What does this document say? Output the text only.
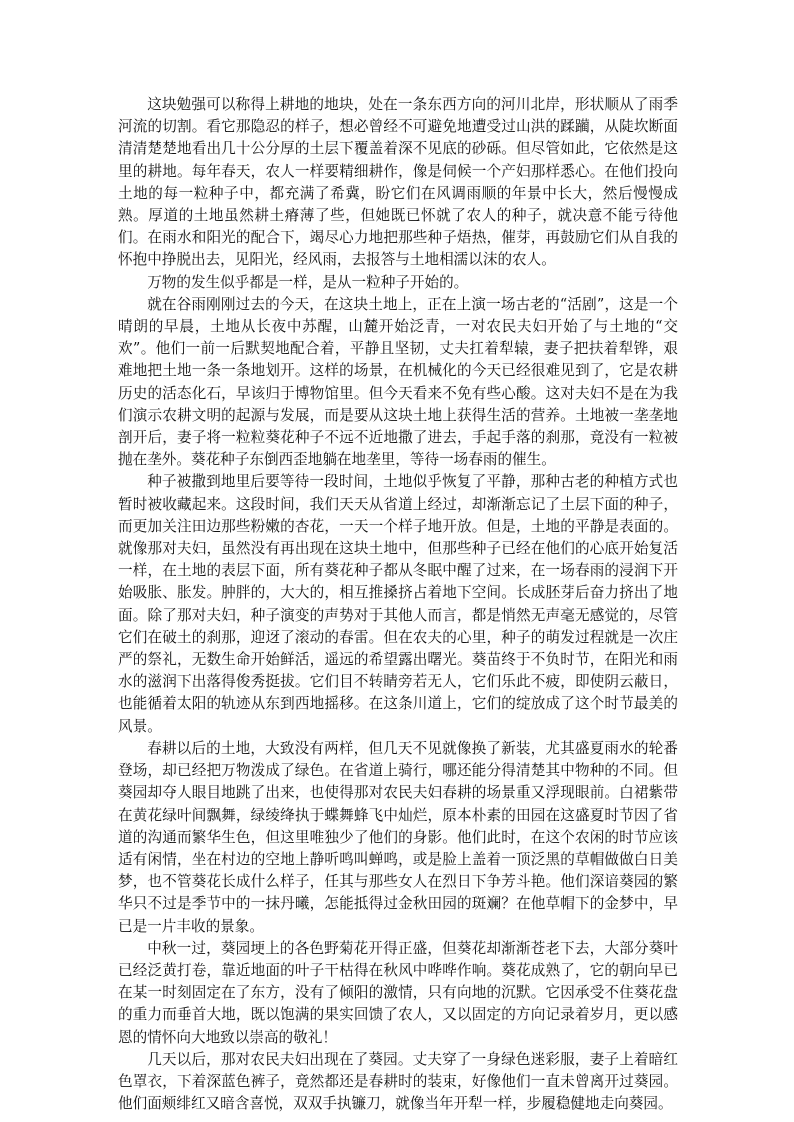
这块勉强可以称得上耕地的地块，处在一条东西方向的河川北岸，形状顺从了雨季河流的切割。看它那隐忍的样子，想必曾经不可避免地遭受过山洪的蹂躏，从陡坎断面清清楚楚地看出几十公分厚的土层下覆盖着深不见底的砂砾。但尽管如此，它依然是这里的耕地。每年春天，农人一样要精细耕作，像是伺候一个产妇那样悉心。在他们投向土地的每一粒种子中，都充满了希冀，盼它们在风调雨顺的年景中长大，然后慢慢成熟。厚道的土地虽然耕土瘠薄了些，但她既已怀就了农人的种子，就决意不能亏待他们。在雨水和阳光的配合下，竭尽心力地把那些种子焐热，催芽，再鼓励它们从自我的怀抱中挣脱出去，见阳光，经风雨，去报答与土地相濡以沫的农人。

万物的发生似乎都是一样，是从一粒种子开始的。

就在谷雨刚刚过去的今天，在这块土地上，正在上演一场古老的“活剧”，这是一个晴朗的早晨，土地从长夜中苏醒，山麓开始泛青，一对农民夫妇开始了与土地的“交欢”。他们一前一后默契地配合着，平静且坚韧，丈夫扛着犁辕，妻子把扶着犁铧，艰难地把土地一条一条地划开。这样的场景，在机械化的今天已经很难见到了，它是农耕历史的活态化石，早该归于博物馆里。但今天看来不免有些心酸。这对夫妇不是在为我们演示农耕文明的起源与发展，而是要从这块土地上获得生活的营养。土地被一垄垄地剖开后，妻子将一粒粒葵花种子不远不近地撒了进去，手起手落的刹那，竟没有一粒被抛在垄外。葵花种子东倒西歪地躺在地垄里，等待一场春雨的催生。

种子被撒到地里后要等待一段时间，土地似乎恢复了平静，那种古老的种植方式也暂时被收藏起来。这段时间，我们天天从省道上经过，却渐渐忘记了土层下面的种子，而更加关注田边那些粉嫩的杏花，一天一个样子地开放。但是，土地的平静是表面的。就像那对夫妇，虽然没有再出现在这块土地中，但那些种子已经在他们的心底开始复活一样，在土地的表层下面，所有葵花种子都从冬眠中醒了过来，在一场春雨的浸润下开始吸胀、胀发。肿胖的，大大的，相互推搡挤占着地下空间。长成胚芽后奋力挤出了地面。除了那对夫妇，种子演变的声势对于其他人而言，都是悄然无声毫无感觉的，尽管它们在破土的刹那，迎迓了滚动的春雷。但在农夫的心里，种子的萌发过程就是一次庄严的祭礼，无数生命开始鲜活，遥远的希望露出曙光。葵苗终于不负时节，在阳光和雨水的滋润下出落得俊秀挺拔。它们目不转睛旁若无人，它们乐此不疲，即使阴云蔽日，也能循着太阳的轨迹从东到西地摇移。在这条川道上，它们的绽放成了这个时节最美的风景。

春耕以后的土地，大致没有两样，但几天不见就像换了新装，尤其盛夏雨水的轮番登场，却已经把万物泼成了绿色。在省道上骑行，哪还能分得清楚其中物种的不同。但葵园却夺人眼目地跳了出来，也使得那对农民夫妇春耕的场景重又浮现眼前。白裙紫带在黄花绿叶间飘舞，绿绫绛执于蝶舞蜂飞中灿烂，原本朴素的田园在这盛夏时节因了省道的沟通而繁华生色，但这里唯独少了他们的身影。他们此时，在这个农闲的时节应该适有闲情，坐在村边的空地上静听鸣叫蝉鸣，或是脸上盖着一顶泛黑的草帽做做白日美梦，也不管葵花长成什么样子，任其与那些女人在烈日下争芳斗艳。他们深谙葵园的繁华只不过是季节中的一抹丹曦，怎能抵得过金秋田园的斑斓？在他草帽下的金梦中，早已是一片丰收的景象。

中秋一过，葵园埂上的各色野菊花开得正盛，但葵花却渐渐苍老下去，大部分葵叶已经泛黄打卷，靠近地面的叶子干枯得在秋风中哗哗作响。葵花成熟了，它的朝向早已在某一时刻固定在了东方，没有了倾阳的激情，只有向地的沉默。它因承受不住葵花盘的重力而垂首大地，既以饱满的果实回馈了农人，又以固定的方向记录着岁月，更以感恩的情怀向大地致以崇高的敬礼！

几天以后，那对农民夫妇出现在了葵园。丈夫穿了一身绿色迷彩服，妻子上着暗红色罩衣，下着深蓝色裤子，竟然都还是春耕时的装束，好像他们一直未曾离开过葵园。他们面颊绯红又暗含喜悦，双双手执镰刀，就像当年开犁一样，步履稳健地走向葵园。
